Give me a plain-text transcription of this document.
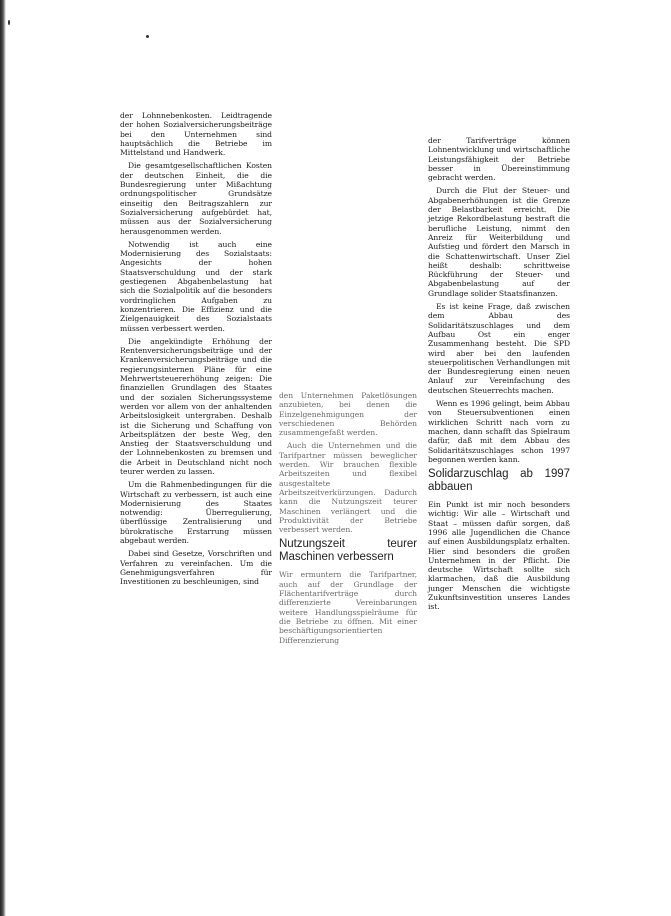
der Lohnnebenkosten. Leidtragende der hohen Sozialversicherungsbeiträge bei den Unternehmen sind hauptsächlich die Betriebe im Mittelstand und Handwerk.

Die gesamtgesellschaftlichen Kosten der deutschen Einheit, die die Bundesregierung unter Mißachtung ordnungspolitischer Grundsätze einseitig den Beitragszahlern zur Sozialversicherung aufgebürdet hat, müssen aus der Sozialversicherung herausgenommen werden.

Notwendig ist auch eine Modernisierung des Sozialstaats: Angesichts der hohen Staatsverschuldung und der stark gestiegenen Abgabenbelastung hat sich die Sozialpolitik auf die besonders vordringlichen Aufgaben zu konzentrieren. Die Effizienz und die Zielgenauigkeit des Sozialstaats müssen verbessert werden.

Die angekündigte Erhöhung der Rentenversicherungsbeiträge und der Krankenversicherungsbeiträge und die regierungsinternen Pläne für eine Mehrwertsteuererhöhung zeigen: Die finanziellen Grundlagen des Staates und der sozialen Sicherungssysteme werden vor allem von der anhaltenden Arbeitslosigkeit untergraben. Deshalb ist die Sicherung und Schaffung von Arbeitsplätzen der beste Weg, den Anstieg der Staatsverschuldung und der Lohnnebenkosten zu bremsen und die Arbeit in Deutschland nicht noch teurer werden zu lassen.

Um die Rahmenbedingungen für die Wirtschaft zu verbessern, ist auch eine Modernisierung des Staates notwendig: Überregulierung, überflüssige Zentralisierung und bürokratische Erstarrung müssen abgebaut werden.

Dabei sind Gesetze, Vorschriften und Verfahren zu vereinfachen. Um die Genehmigungsverfahren für Investitionen zu beschleunigen, sind

den Unternehmen Paketlösungen anzubieten, bei denen die Einzelgenehmigungen der verschiedenen Behörden zusammengefaßt werden.

Auch die Unternehmen und die Tarifpartner müssen beweglicher werden. Wir brauchen flexible Arbeitszeiten und flexibel ausgestaltete Arbeitszeitverkürzungen. Dadurch kann die Nutzungszeit teurer Maschinen verlängert und die Produktivität der Betriebe verbessert werden.

Nutzungszeit teurer Maschinen verbessern

Wir ermuntern die Tarifpartner, auch auf der Grundlage der Flächentarifverträge durch differenzierte Vereinbarungen weitere Handlungsspielräume für die Betriebe zu öffnen. Mit einer beschäftigungsorientierten Differenzierung

der Tarifverträge können Lohnentwicklung und wirtschaftliche Leistungsfähigkeit der Betriebe besser in Übereinstimmung gebracht werden.

Durch die Flut der Steuer- und Abgabenerhöhungen ist die Grenze der Belastbarkeit erreicht. Die jetzige Rekordbelastung bestraft die berufliche Leistung, nimmt den Anreiz für Weiterbildung und Aufstieg und fördert den Marsch in die Schattenwirtschaft. Unser Ziel heißt deshalb: schrittweise Rückführung der Steuer- und Abgabenbelastung auf der Grundlage solider Staatsfinanzen.

Es ist keine Frage, daß zwischen dem Abbau des Solidaritätszuschlages und dem Aufbau Ost ein enger Zusammenhang besteht. Die SPD wird aber bei den laufenden steuerpolitischen Verhandlungen mit der Bundesregierung einen neuen Anlauf zur Vereinfachung des deutschen Steuerrechts machen.

Wenn es 1996 gelingt, beim Abbau von Steuersubventionen einen wirklichen Schritt nach vorn zu machen, dann schafft das Spielraum dafür, daß mit dem Abbau des Solidaritätszuschlages schon 1997 begonnen werden kann.

Solidarzuschlag ab 1997 abbauen

Ein Punkt ist mir noch besonders wichtig: Wir alle – Wirtschaft und Staat – müssen dafür sorgen, daß 1996 alle Jugendlichen die Chance auf einen Ausbildungsplatz erhalten. Hier sind besonders die großen Unternehmen in der Pflicht. Die deutsche Wirtschaft sollte sich klarmachen, daß die Ausbildung junger Menschen die wichtigste Zukunftsinvestition unseres Landes ist.
